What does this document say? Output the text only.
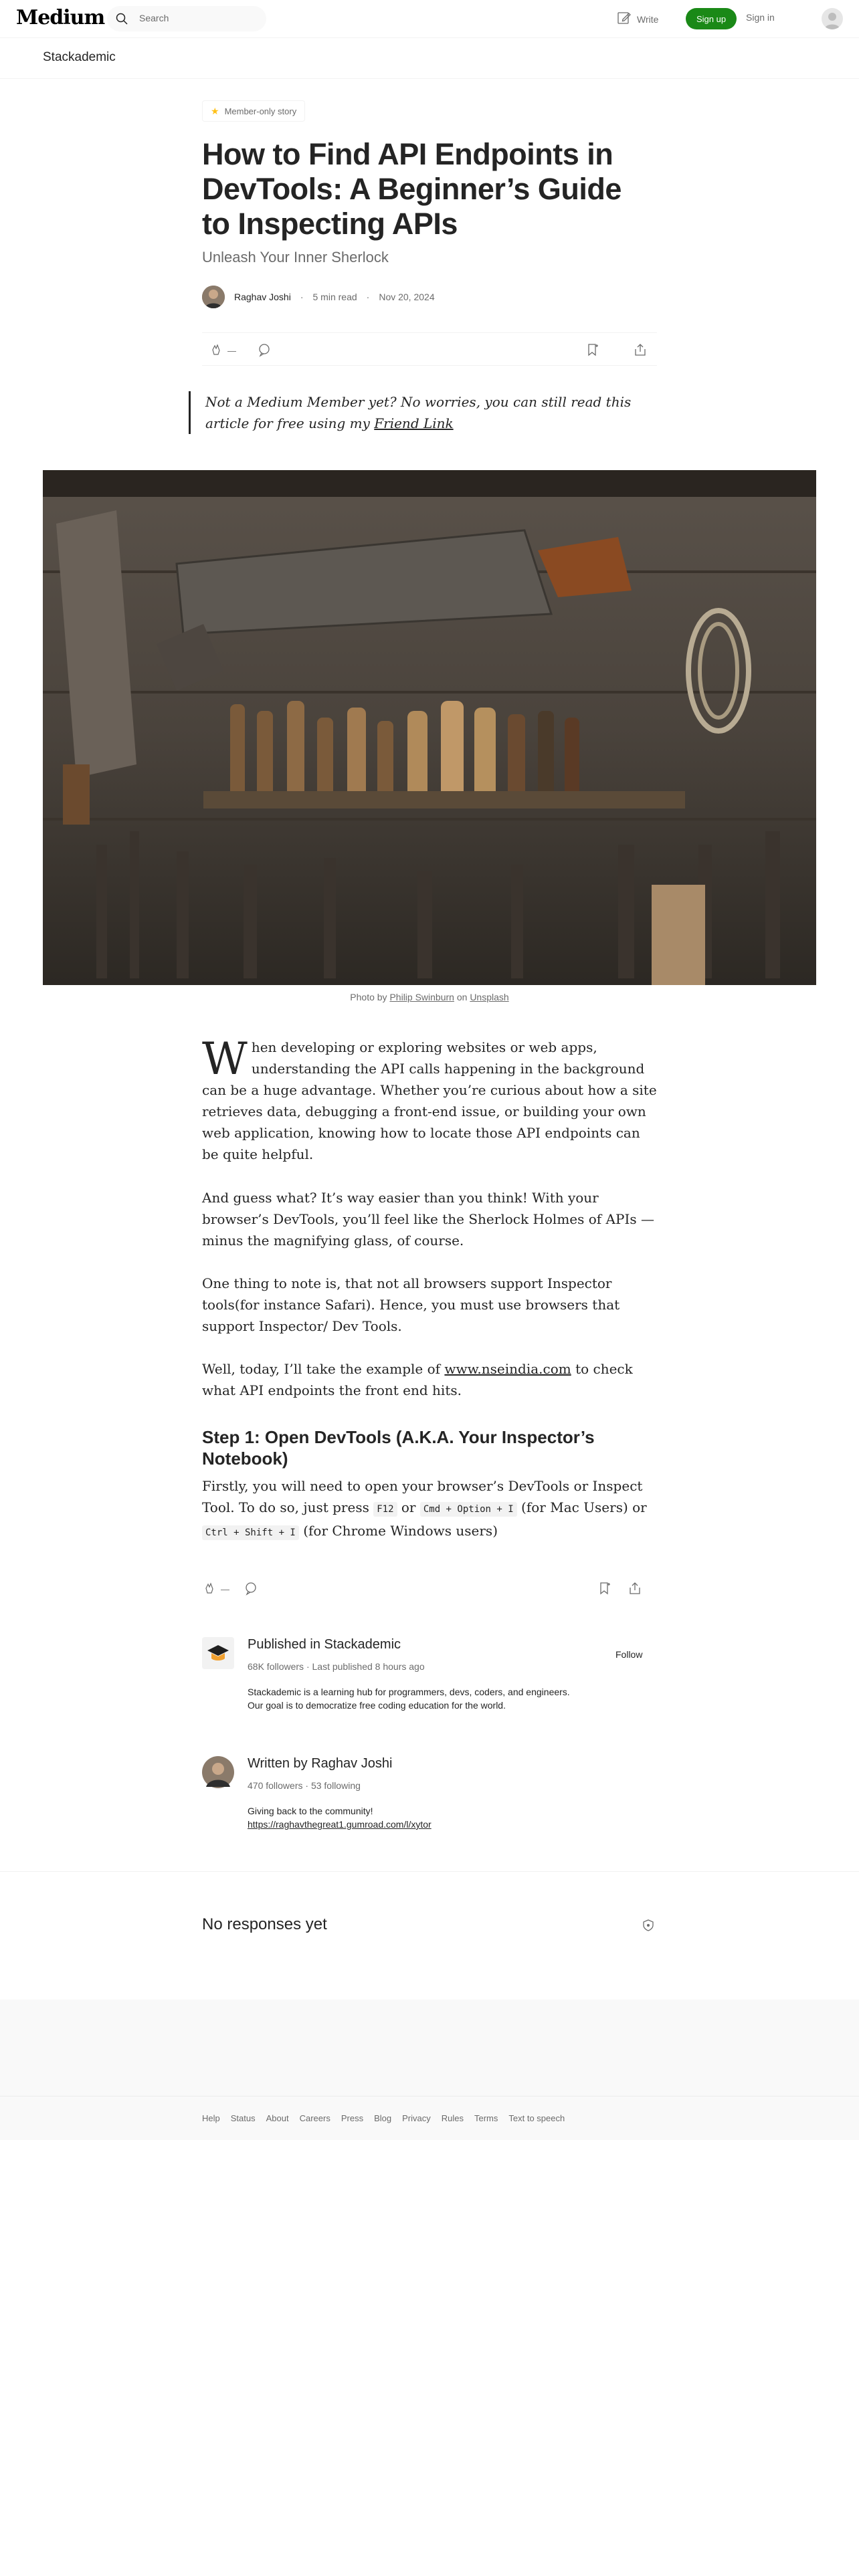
Medium	Search	Write	Sign up	Sign in
Stackademic
★ Member-only story
How to Find API Endpoints in DevTools: A Beginner’s Guide to Inspecting APIs
Unleash Your Inner Sherlock
Raghav Joshi · 5 min read · Nov 20, 2024
—
Not a Medium Member yet? No worries, you can still read this article for free using my Friend Link
Photo by Philip Swinburn on Unsplash
When developing or exploring websites or web apps, understanding the API calls happening in the background can be a huge advantage. Whether you’re curious about how a site retrieves data, debugging a front-end issue, or building your own web application, knowing how to locate those API endpoints can be quite helpful.
And guess what? It’s way easier than you think! With your browser’s DevTools, you’ll feel like the Sherlock Holmes of APIs — minus the magnifying glass, of course.
One thing to note is, that not all browsers support Inspector tools(for instance Safari). Hence, you must use browsers that support Inspector/ Dev Tools.
Well, today, I’ll take the example of www.nseindia.com to check what API endpoints the front end hits.
Step 1: Open DevTools (A.K.A. Your Inspector’s Notebook)
Firstly, you will need to open your browser’s DevTools or Inspect Tool. To do so, just press F12 or Cmd + Option + I (for Mac Users) or Ctrl + Shift + I (for Chrome Windows users)
—
Published in Stackademic
68K followers · Last published 8 hours ago
Stackademic is a learning hub for programmers, devs, coders, and engineers. Our goal is to democratize free coding education for the world.
Follow
Written by Raghav Joshi
470 followers · 53 following
Giving back to the community!
https://raghavthegreat1.gumroad.com/l/xytor
No responses yet
Help Status About Careers Press Blog Privacy Rules Terms Text to speech
